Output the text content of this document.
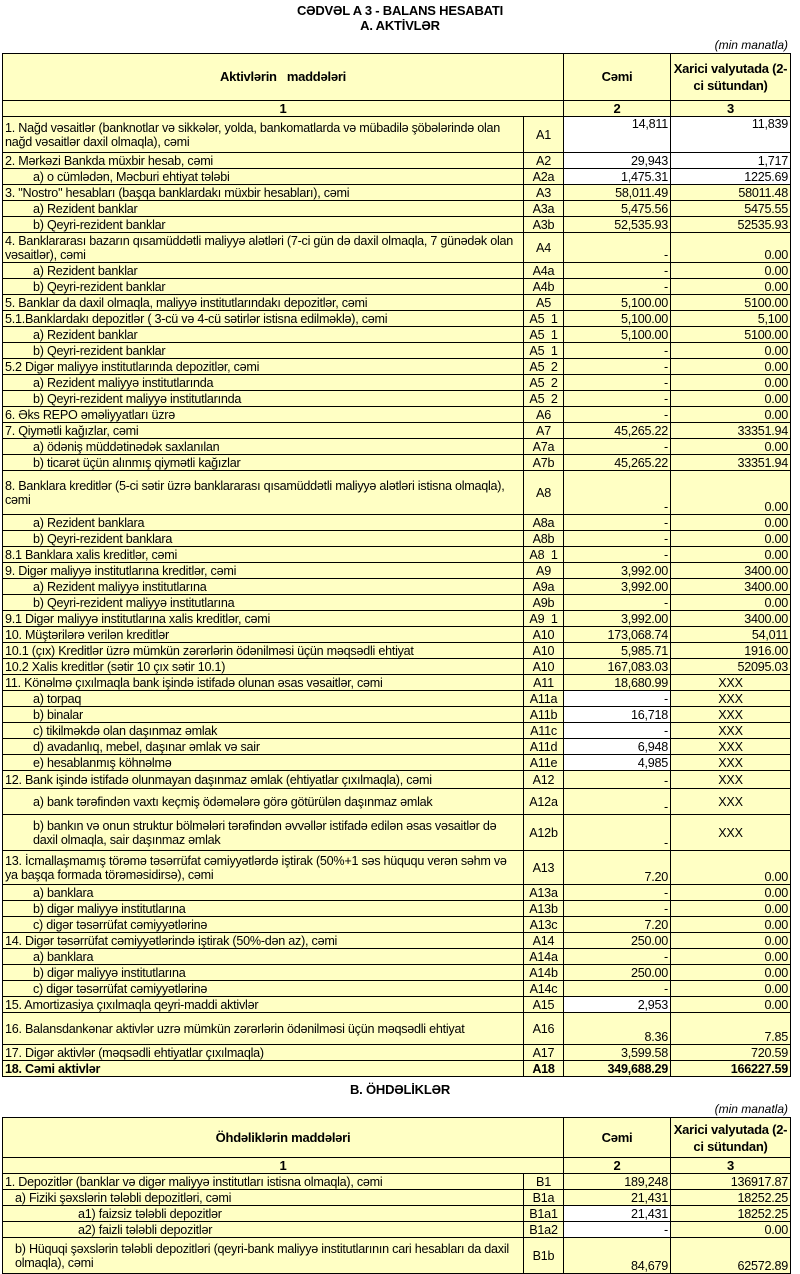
CƏDVƏL A 3 - BALANS HESABATI
A. AKTİVLƏR
(min manatla)
Aktivlərin   maddələri		Cəmi	Xarici valyutada (2-ci sütundan)
1		2	3
1. Nağd vəsaitlər (banknotlar və sikkələr, yolda, bankomatlarda və mübadilə şöbələrində olan nağd vəsaitlər daxil olmaqla), cəmi	A1	14,811	11,839
2. Mərkəzi Bankda müxbir hesab, cəmi	A2	29,943	1,717
a) o cümlədən, Məcburi ehtiyat tələbi	A2a	1,475.31	1225.69
3. "Nostro" hesabları (başqa banklardakı müxbir hesabları), cəmi	A3	58,011.49	58011.48
a) Rezident banklar	A3a	5,475.56	5475.55
b) Qeyri-rezident banklar	A3b	52,535.93	52535.93
4. Banklararası bazarın qısamüddətli maliyyə alətləri (7-ci gün də daxil olmaqla, 7 günədək olan vəsaitlər), cəmi	A4	-	0.00
a) Rezident banklar	A4a	-	0.00
b) Qeyri-rezident banklar	A4b	-	0.00
5. Banklar da daxil olmaqla, maliyyə institutlarındakı depozitlər, cəmi	A5	5,100.00	5100.00
5.1.Banklardakı depozitlər ( 3-cü və 4-cü sətirlər istisna edilməklə), cəmi	A5  1	5,100.00	5,100
a) Rezident banklar	A5  1	5,100.00	5100.00
b) Qeyri-rezident banklar	A5  1	-	0.00
5.2 Digər maliyyə institutlarında depozitlər, cəmi	A5  2	-	0.00
a) Rezident maliyyə institutlarında	A5  2	-	0.00
b) Qeyri-rezident maliyyə institutlarında	A5  2	-	0.00
6. Əks REPO əməliyyatları üzrə	A6	-	0.00
7. Qiymətli kağızlar, cəmi	A7	45,265.22	33351.94
a) ödəniş müddətinədək saxlanılan	A7a	-	0.00
b) ticarət üçün alınmış qiymətli kağızlar	A7b	45,265.22	33351.94
8. Banklara kreditlər (5-ci sətir üzrə banklararası qısamüddətli maliyyə alətləri istisna olmaqla), cəmi	A8	-	0.00
a) Rezident banklara	A8a	-	0.00
b) Qeyri-rezident banklara	A8b	-	0.00
8.1 Banklara xalis kreditlər, cəmi	A8  1	-	0.00
9. Digər maliyyə institutlarına kreditlər, cəmi	A9	3,992.00	3400.00
a) Rezident maliyyə institutlarına	A9a	3,992.00	3400.00
b) Qeyri-rezident maliyyə institutlarına	A9b	-	0.00
9.1 Digər maliyyə institutlarına xalis kreditlər, cəmi	A9  1	3,992.00	3400.00
10. Müştərilərə verilən kreditlər	A10	173,068.74	54,011
10.1 (çıx) Kreditlər üzrə mümkün zərərlərin ödənilməsi üçün məqsədli ehtiyat	A10	5,985.71	1916.00
10.2 Xalis kreditlər (sətir 10 çıx sətir 10.1)	A10	167,083.03	52095.03
11. Könəlmə çıxılmaqla bank işində istifadə olunan əsas vəsaitlər, cəmi	A11	18,680.99	XXX
a) torpaq	A11a	-	XXX
b) binalar	A11b	16,718	XXX
c) tikilməkdə olan daşınmaz əmlak	A11c	-	XXX
d) avadanlıq, mebel, daşınar əmlak və sair	A11d	6,948	XXX
e) hesablanmış köhnəlmə	A11e	4,985	XXX
12. Bank işində istifadə olunmayan daşınmaz əmlak (ehtiyatlar çıxılmaqla), cəmi	A12	-	XXX
a) bank tərəfindən vaxtı keçmiş ödəmələrə görə götürülən daşınmaz əmlak	A12a	-	XXX
b) bankın və onun struktur bölmələri tərəfindən əvvəllər istifadə edilən əsas vəsaitlər də daxil olmaqla, sair daşınmaz əmlak	A12b	-	XXX
13. İcmallaşmamış törəmə təsərrüfat cəmiyyətlərdə iştirak (50%+1 səs hüququ verən səhm və ya başqa formada törəməsidirsə), cəmi	A13	7.20	0.00
a) banklara	A13a	-	0.00
b) digər maliyyə institutlarına	A13b	-	0.00
c) digər təsərrüfat cəmiyyətlərinə	A13c	7.20	0.00
14. Digər təsərrüfat cəmiyyətlərində iştirak (50%-dən az), cəmi	A14	250.00	0.00
a) banklara	A14a	-	0.00
b) digər maliyyə institutlarına	A14b	250.00	0.00
c) digər təsərrüfat cəmiyyətlərinə	A14c	-	0.00
15. Amortizasiya çıxılmaqla qeyri-maddi aktivlər	A15	2,953	0.00
16. Balansdankənar aktivlər uzrə mümkün zərərlərin ödənilməsi üçün məqsədli ehtiyat	A16	8.36	7.85
17. Digər aktivlər (məqsədli ehtiyatlar çıxılmaqla)	A17	3,599.58	720.59
18. Cəmi aktivlər	A18	349,688.29	166227.59
B. ÖHDƏLİKLƏR
(min manatla)
Öhdəliklərin maddələri		Cəmi	Xarici valyutada (2-ci sütundan)
1		2	3
1. Depozitlər (banklar və digər maliyyə institutları istisna olmaqla), cəmi	B1	189,248	136917.87
a) Fiziki şəxslərin tələbli depozitləri, cəmi	B1a	21,431	18252.25
a1) faizsiz tələbli depozitlər	B1a1	21,431	18252.25
a2) faizli tələbli depozitlər	B1a2	-	0.00
b) Hüquqi şəxslərin tələbli depozitləri (qeyri-bank maliyyə institutlarının cari hesabları da daxil olmaqla), cəmi	B1b	84,679	62572.89
